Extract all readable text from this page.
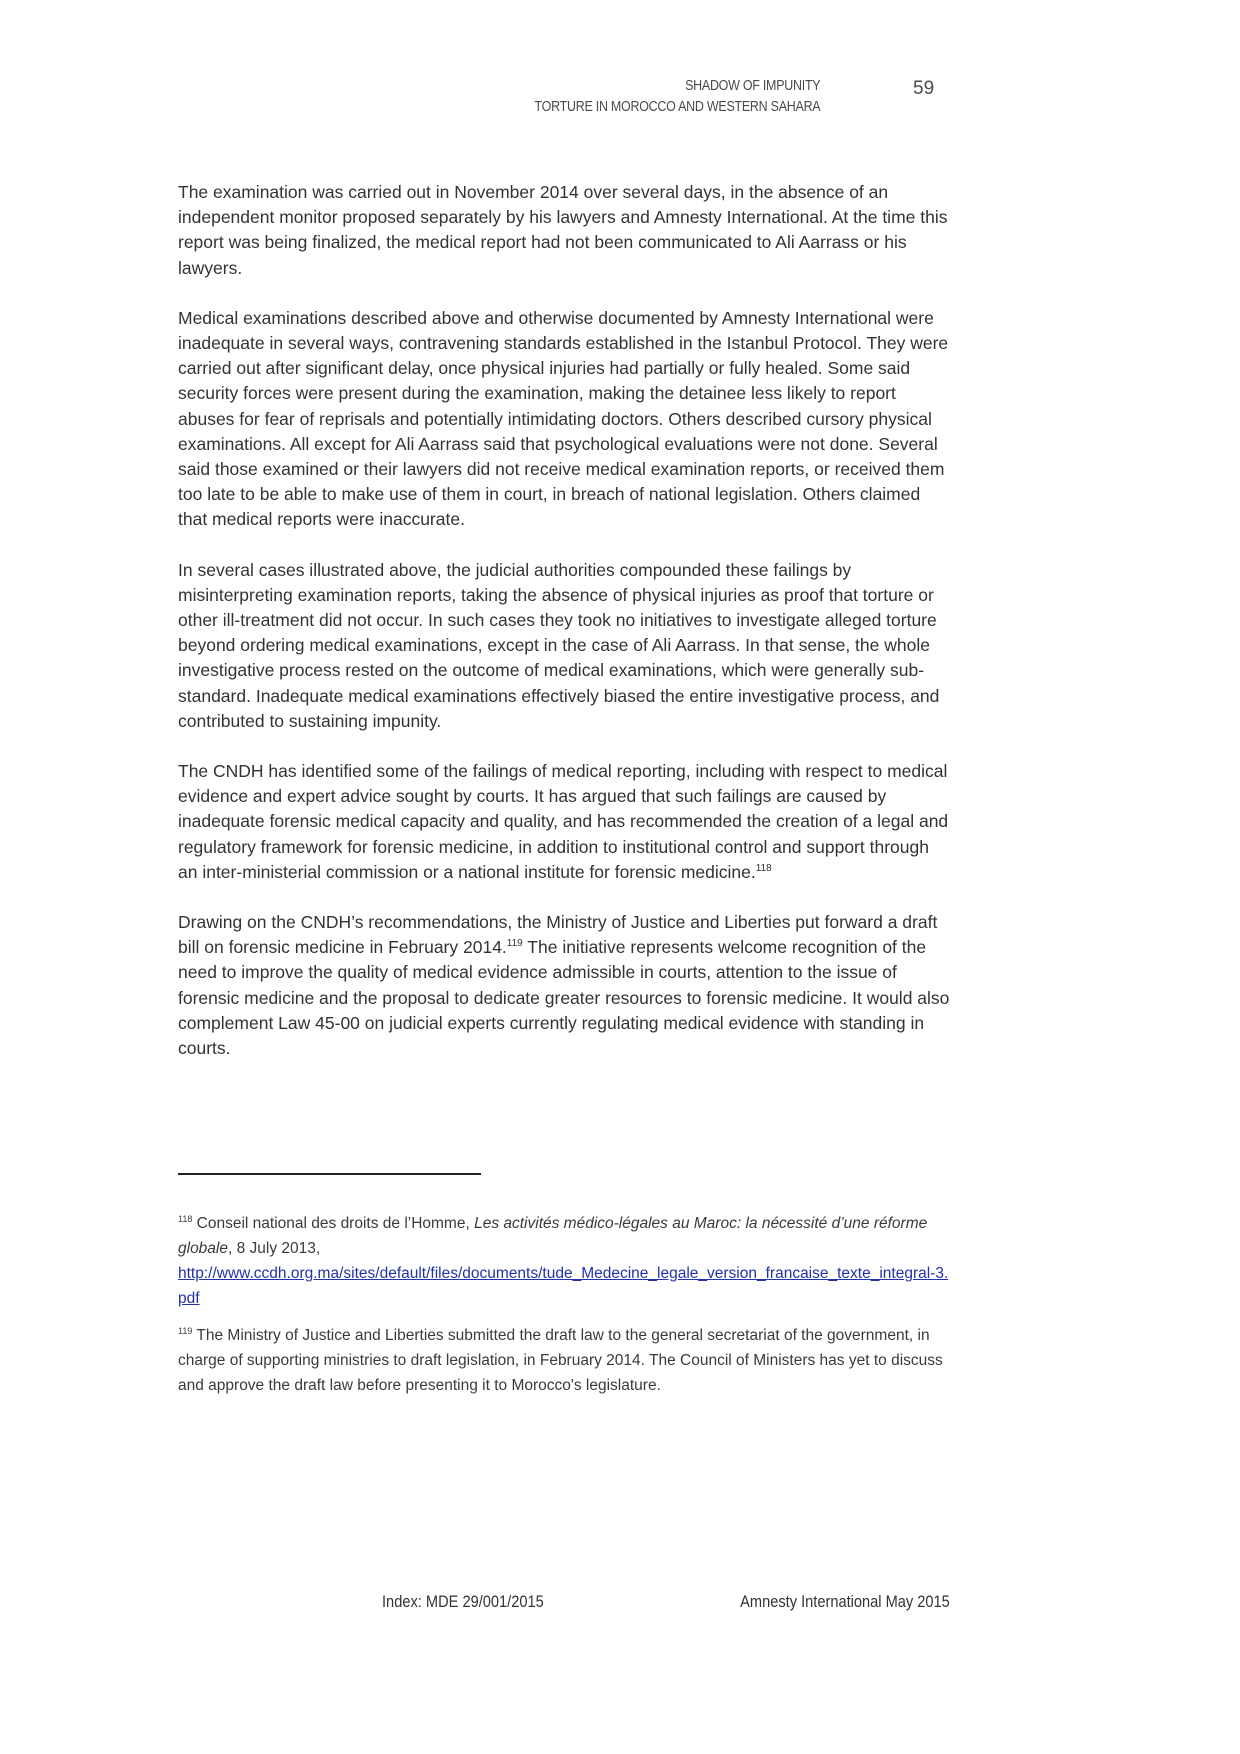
SHADOW OF IMPUNITY
TORTURE IN MOROCCO AND WESTERN SAHARA
59

The examination was carried out in November 2014 over several days, in the absence of an independent monitor proposed separately by his lawyers and Amnesty International. At the time this report was being finalized, the medical report had not been communicated to Ali Aarrass or his lawyers.

Medical examinations described above and otherwise documented by Amnesty International were inadequate in several ways, contravening standards established in the Istanbul Protocol. They were carried out after significant delay, once physical injuries had partially or fully healed. Some said security forces were present during the examination, making the detainee less likely to report abuses for fear of reprisals and potentially intimidating doctors. Others described cursory physical examinations. All except for Ali Aarrass said that psychological evaluations were not done. Several said those examined or their lawyers did not receive medical examination reports, or received them too late to be able to make use of them in court, in breach of national legislation. Others claimed that medical reports were inaccurate.

In several cases illustrated above, the judicial authorities compounded these failings by misinterpreting examination reports, taking the absence of physical injuries as proof that torture or other ill-treatment did not occur. In such cases they took no initiatives to investigate alleged torture beyond ordering medical examinations, except in the case of Ali Aarrass. In that sense, the whole investigative process rested on the outcome of medical examinations, which were generally sub-standard. Inadequate medical examinations effectively biased the entire investigative process, and contributed to sustaining impunity.

The CNDH has identified some of the failings of medical reporting, including with respect to medical evidence and expert advice sought by courts. It has argued that such failings are caused by inadequate forensic medical capacity and quality, and has recommended the creation of a legal and regulatory framework for forensic medicine, in addition to institutional control and support through an inter-ministerial commission or a national institute for forensic medicine.$^{118}$

Drawing on the CNDH’s recommendations, the Ministry of Justice and Liberties put forward a draft bill on forensic medicine in February 2014.$^{119}$ The initiative represents welcome recognition of the need to improve the quality of medical evidence admissible in courts, attention to the issue of forensic medicine and the proposal to dedicate greater resources to forensic medicine. It would also complement Law 45-00 on judicial experts currently regulating medical evidence with standing in courts.

$^{118}$ Conseil national des droits de l’Homme, Les activités médico-légales au Maroc: la nécessité d’une réforme globale, 8 July 2013,
http://www.ccdh.org.ma/sites/default/files/documents/tude_Medecine_legale_version_francaise_texte_integral-3.pdf

$^{119}$ The Ministry of Justice and Liberties submitted the draft law to the general secretariat of the government, in charge of supporting ministries to draft legislation, in February 2014. The Council of Ministers has yet to discuss and approve the draft law before presenting it to Morocco's legislature.

Index: MDE 29/001/2015	Amnesty International May 2015
